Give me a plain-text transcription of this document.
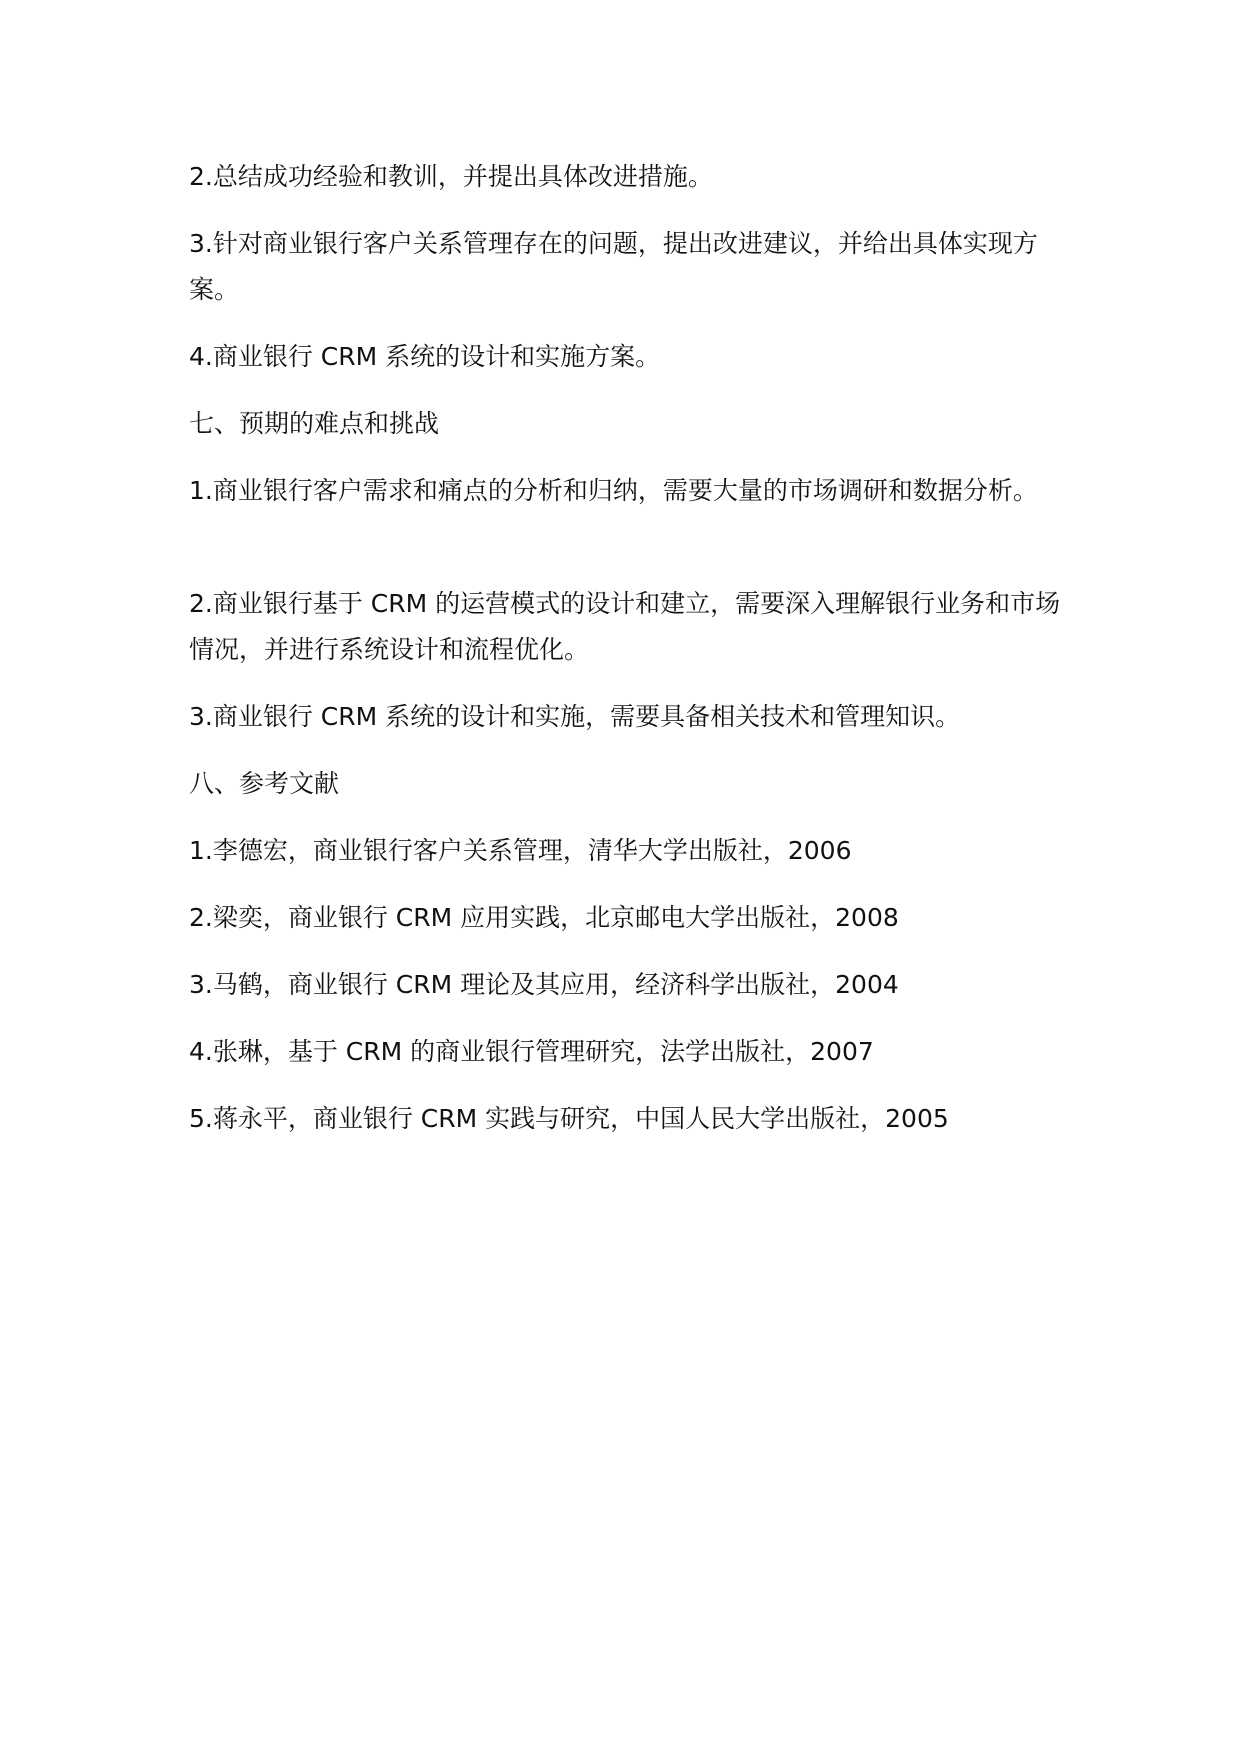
2.总结成功经验和教训，并提出具体改进措施。

3.针对商业银行客户关系管理存在的问题，提出改进建议，并给出具体实现方案。

4.商业银行 CRM 系统的设计和实施方案。

七、预期的难点和挑战

1.商业银行客户需求和痛点的分析和归纳，需要大量的市场调研和数据分析。

2.商业银行基于 CRM 的运营模式的设计和建立，需要深入理解银行业务和市场情况，并进行系统设计和流程优化。

3.商业银行 CRM 系统的设计和实施，需要具备相关技术和管理知识。

八、参考文献

1.李德宏，商业银行客户关系管理，清华大学出版社，2006

2.梁奕，商业银行 CRM 应用实践，北京邮电大学出版社，2008

3.马鹤，商业银行 CRM 理论及其应用，经济科学出版社，2004

4.张琳，基于 CRM 的商业银行管理研究，法学出版社，2007

5.蒋永平，商业银行 CRM 实践与研究，中国人民大学出版社，2005
